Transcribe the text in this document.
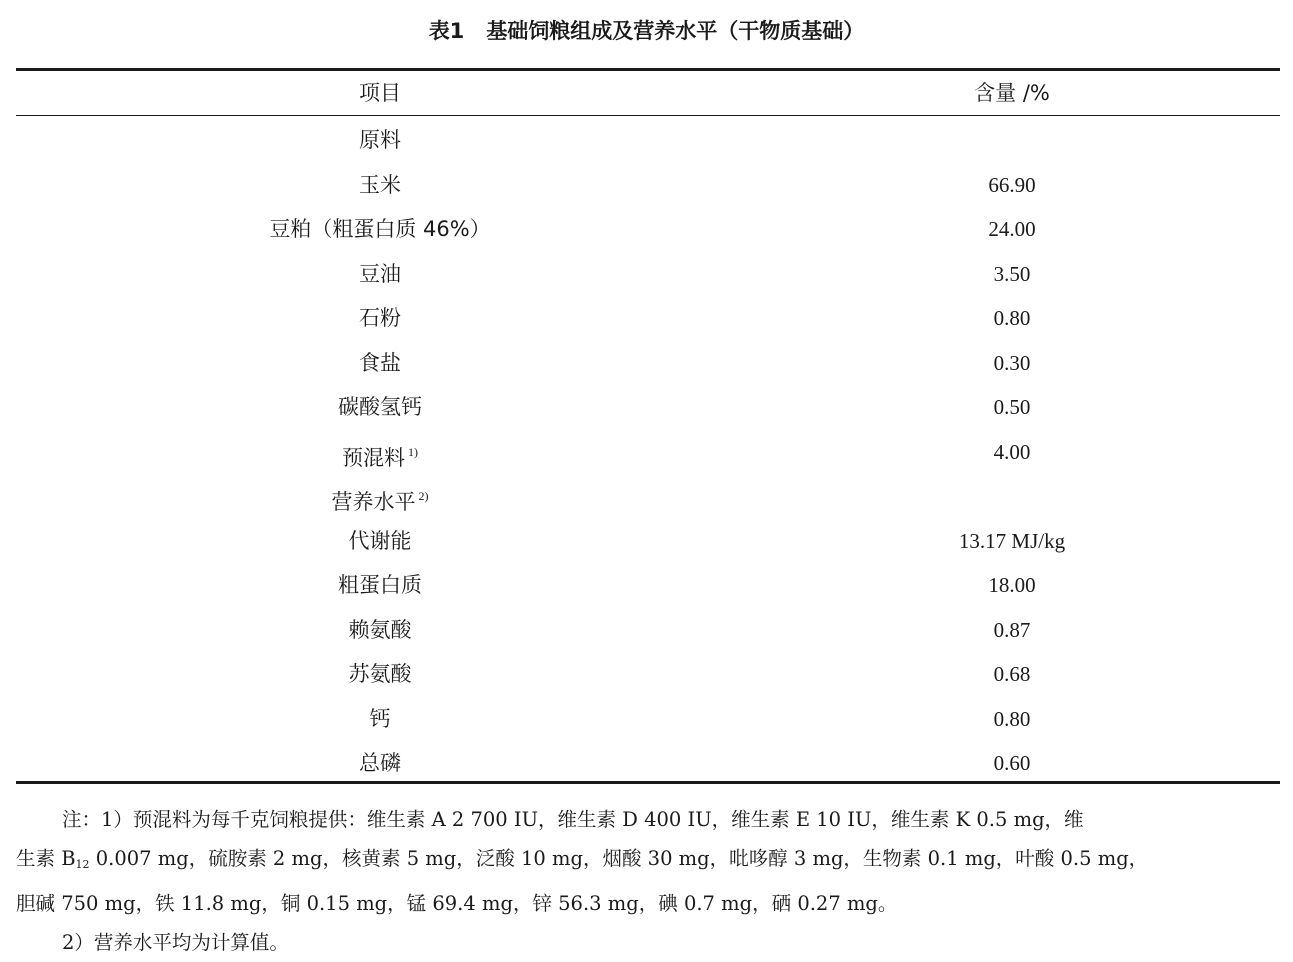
表1 基础饲粮组成及营养水平（干物质基础）
项目	含量 /%
原料
玉米	66.90
豆粕（粗蛋白质 46%）	24.00
豆油	3.50
石粉	0.80
食盐	0.30
碳酸氢钙	0.50
预混料 $^{1)}$	4.00
营养水平 $^{2)}$
代谢能	13.17 MJ/kg
粗蛋白质	18.00
赖氨酸	0.87
苏氨酸	0.68
钙	0.80
总磷	0.60

注：1）预混料为每千克饲粮提供：维生素 A 2 700 IU，维生素 D 400 IU，维生素 E 10 IU，维生素 K 0.5 mg，维

生素 $B_{12}$ 0.007 mg，硫胺素 2 mg，核黄素 5 mg，泛酸 10 mg，烟酸 30 mg，吡哆醇 3 mg，生物素 0.1 mg，叶酸 0.5 mg，

胆碱 750 mg，铁 11.8 mg，铜 0.15 mg，锰 69.4 mg，锌 56.3 mg，碘 0.7 mg，硒 0.27 mg。

2）营养水平均为计算值。
